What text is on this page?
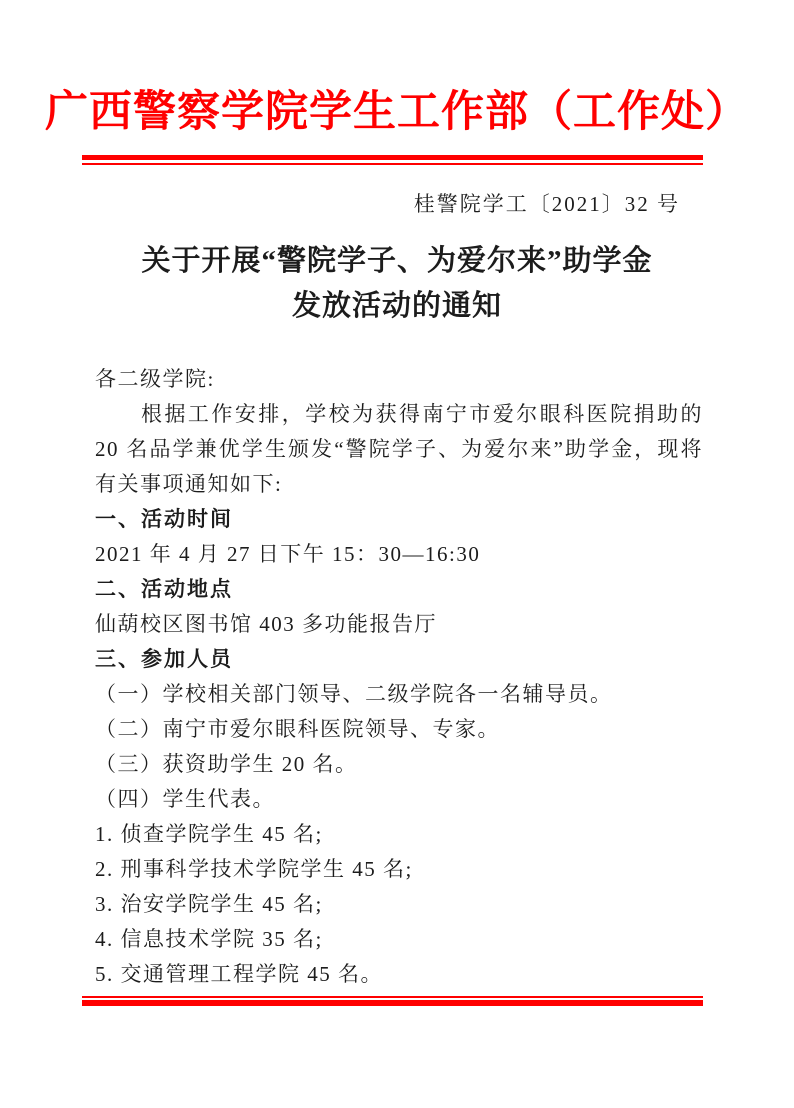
广西警察学院学生工作部（工作处）
桂警院学工〔2021〕32 号
关于开展“警院学子、为爱尔来”助学金
发放活动的通知

各二级学院:

根据工作安排，学校为获得南宁市爱尔眼科医院捐助的 20 名品学兼优学生颁发“警院学子、为爱尔来”助学金，现将有关事项通知如下:

一、活动时间

2021 年 4 月 27 日下午 15：30—16:30

二、活动地点

仙葫校区图书馆 403 多功能报告厅

三、参加人员

（一）学校相关部门领导、二级学院各一名辅导员。

（二）南宁市爱尔眼科医院领导、专家。

（三）获资助学生 20 名。

（四）学生代表。

1. 侦查学院学生 45 名;

2. 刑事科学技术学院学生 45 名;

3. 治安学院学生 45 名;

4. 信息技术学院 35 名;

5. 交通管理工程学院 45 名。
